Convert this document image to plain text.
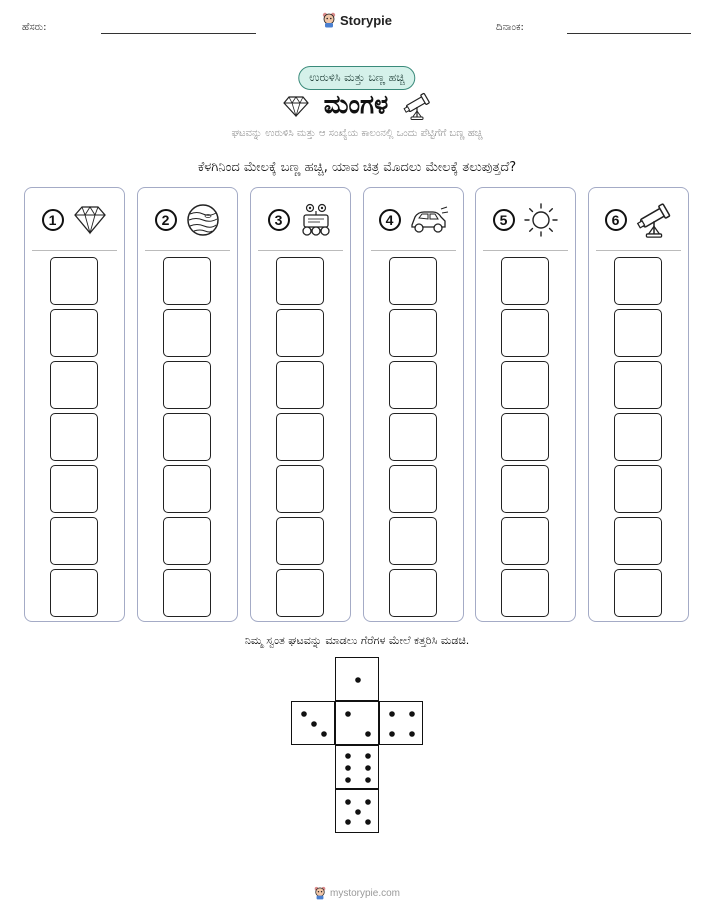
ಹೆಸರು:	Storypie	ದಿನಾಂಕ:
ಉರುಳಿಸಿ ಮತ್ತು ಬಣ್ಣ ಹಚ್ಚಿ
ಮಂಗಳ
ಘಟವನ್ನು ಉರುಳಿಸಿ ಮತ್ತು ಆ ಸಂಖ್ಯೆಯ ಕಾಲಂನಲ್ಲಿ ಒಂದು ಪೆಟ್ಟಿಗೆಗೆ ಬಣ್ಣ ಹಚ್ಚಿ
ಕೆಳಗಿನಿಂದ ಮೇಲಕ್ಕೆ ಬಣ್ಣ ಹಚ್ಚಿ, ಯಾವ ಚಿತ್ರ ಮೊದಲು ಮೇಲಕ್ಕೆ ತಲುಪುತ್ತದೆ?
1	2	3	4	5	6
ನಿಮ್ಮ ಸ್ವಂತ ಘಟವನ್ನು ಮಾಡಲು ಗೆರೆಗಳ ಮೇಲೆ ಕತ್ತರಿಸಿ ಮಡಚಿ.
mystorypie.com
